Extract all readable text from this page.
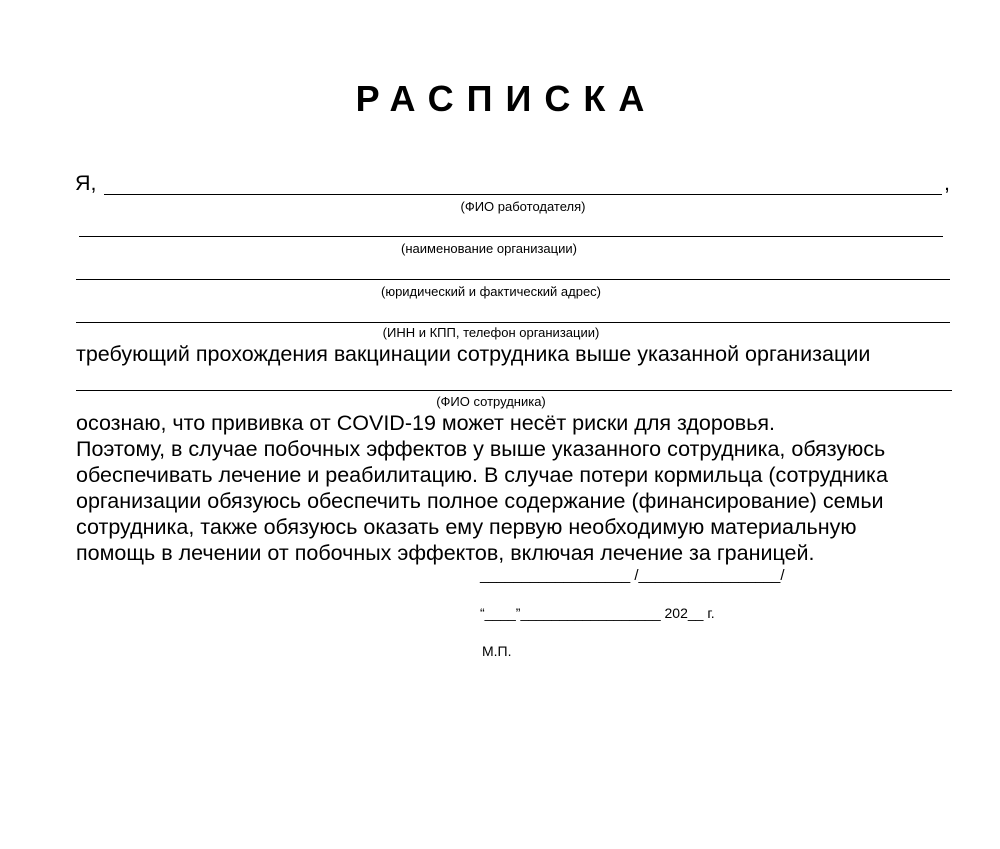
РАСПИСКА
Я,	,
(ФИО работодателя)
(наименование организации)
(юридический и фактический адрес)
(ИНН и КПП, телефон организации)
требующий прохождения вакцинации сотрудника выше указанной организации
(ФИО сотрудника)
осознаю, что прививка от COVID-19 может несёт риски для здоровья.
Поэтому, в случае побочных эффектов у выше указанного сотрудника, обязуюсь
обеспечивать лечение и реабилитацию. В случае потери кормильца (сотрудника
организации обязуюсь обеспечить полное содержание (финансирование) семьи
сотрудника, также обязуюсь оказать ему первую необходимую материальную
помощь в лечении от побочных эффектов, включая лечение за границей.
__________________ /_________________/
“____”__________________ 202__ г.
М.П.
